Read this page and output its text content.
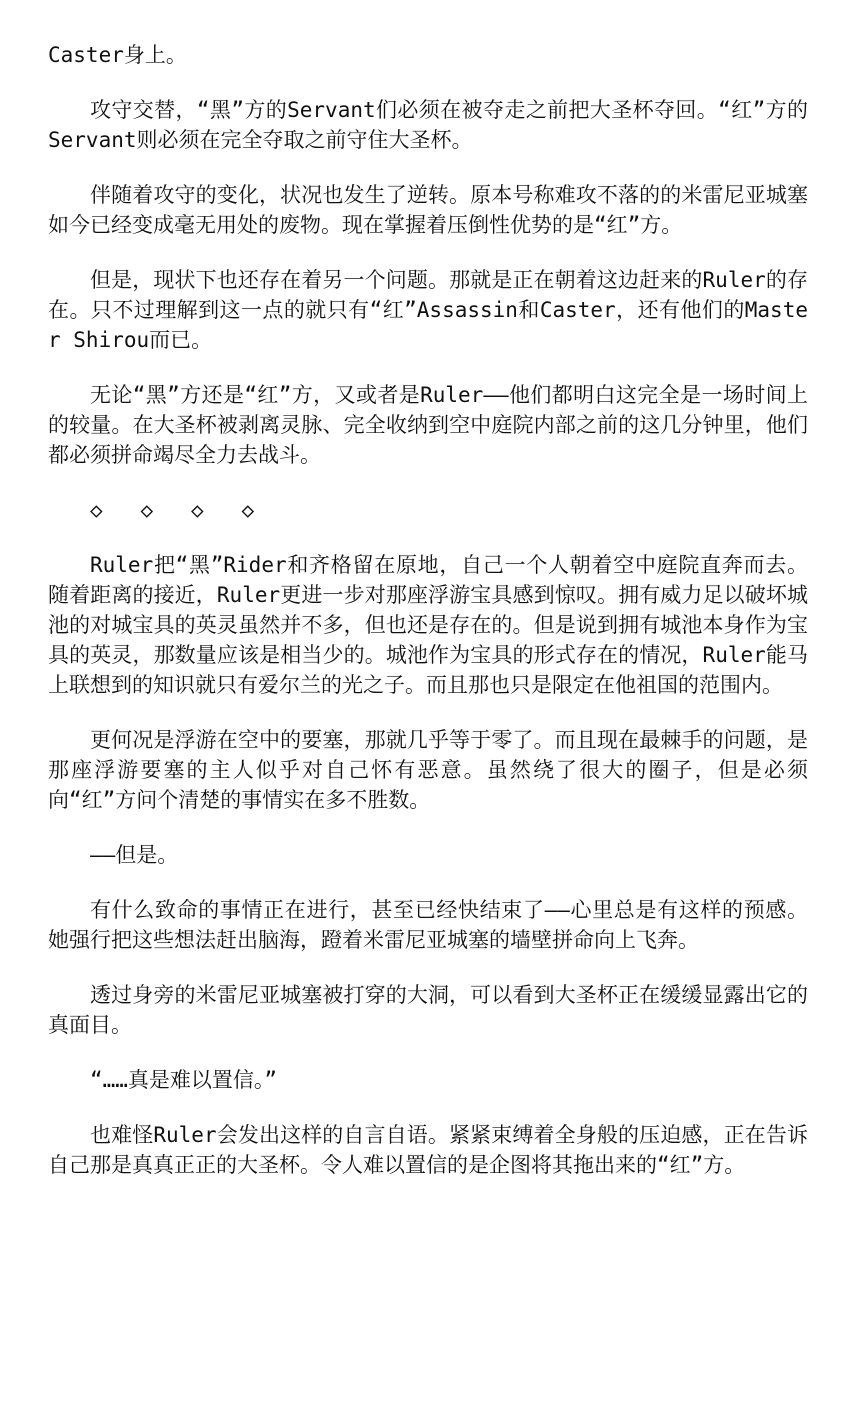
Caster身上。

攻守交替，“黑”方的Servant们必须在被夺走之前把大圣杯夺回。“红”方的Servant则必须在完全夺取之前守住大圣杯。

伴随着攻守的变化，状况也发生了逆转。原本号称难攻不落的的米雷尼亚城塞如今已经变成毫无用处的废物。现在掌握着压倒性优势的是“红”方。

但是，现状下也还存在着另一个问题。那就是正在朝着这边赶来的Ruler的存在。只不过理解到这一点的就只有“红”Assassin和Caster，还有他们的Master Shirou而已。

无论“黑”方还是“红”方，又或者是Ruler——他们都明白这完全是一场时间上的较量。在大圣杯被剥离灵脉、完全收纳到空中庭院内部之前的这几分钟里，他们都必须拼命竭尽全力去战斗。

◇ ◇ ◇ ◇

Ruler把“黑”Rider和齐格留在原地，自己一个人朝着空中庭院直奔而去。随着距离的接近，Ruler更进一步对那座浮游宝具感到惊叹。拥有威力足以破坏城池的对城宝具的英灵虽然并不多，但也还是存在的。但是说到拥有城池本身作为宝具的英灵，那数量应该是相当少的。城池作为宝具的形式存在的情况，Ruler能马上联想到的知识就只有爱尔兰的光之子。而且那也只是限定在他祖国的范围内。

更何况是浮游在空中的要塞，那就几乎等于零了。而且现在最棘手的问题，是那座浮游要塞的主人似乎对自己怀有恶意。虽然绕了很大的圈子，但是必须向“红”方问个清楚的事情实在多不胜数。

——但是。

有什么致命的事情正在进行，甚至已经快结束了——心里总是有这样的预感。她强行把这些想法赶出脑海，蹬着米雷尼亚城塞的墙壁拼命向上飞奔。

透过身旁的米雷尼亚城塞被打穿的大洞，可以看到大圣杯正在缓缓显露出它的真面目。

“……真是难以置信。”

也难怪Ruler会发出这样的自言自语。紧紧束缚着全身般的压迫感，正在告诉自己那是真真正正的大圣杯。令人难以置信的是企图将其拖出来的“红”方。
